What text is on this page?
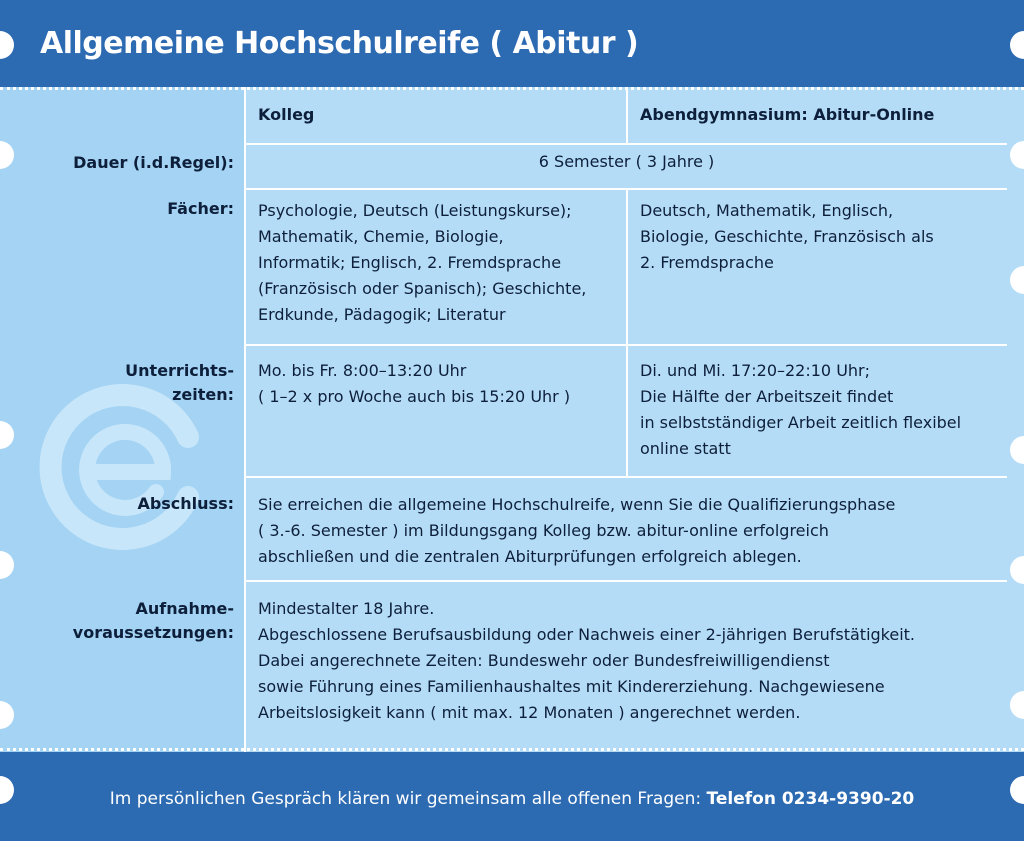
Allgemeine Hochschulreife ( Abitur )
Kolleg	Abendgymnasium: Abitur-Online
Dauer (i.d.Regel):	6 Semester ( 3 Jahre )
Fächer: Psychologie, Deutsch (Leistungskurse);
Mathematik, Chemie, Biologie,
Informatik; Englisch, 2. Fremdsprache
(Französisch oder Spanisch); Geschichte,
Erdkunde, Pädagogik; Literatur
Deutsch, Mathematik, Englisch,
Biologie, Geschichte, Französisch als
2. Fremdsprache
Unterrichts-
zeiten:
Mo. bis Fr. 8:00–13:20 Uhr
( 1–2 x pro Woche auch bis 15:20 Uhr )
Di. und Mi. 17:20–22:10 Uhr;
Die Hälfte der Arbeitszeit findet
in selbstständiger Arbeit zeitlich flexibel
online statt
Abschluss: Sie erreichen die allgemeine Hochschulreife, wenn Sie die Qualifizierungsphase
( 3.-6. Semester ) im Bildungsgang Kolleg bzw. abitur-online erfolgreich
abschließen und die zentralen Abiturprüfungen erfolgreich ablegen.
Aufnahme-
voraussetzungen:
Mindestalter 18 Jahre.
Abgeschlossene Berufsausbildung oder Nachweis einer 2-jährigen Berufstätigkeit.
Dabei angerechnete Zeiten: Bundeswehr oder Bundesfreiwilligendienst
sowie Führung eines Familienhaushaltes mit Kindererziehung. Nachgewiesene
Arbeitslosigkeit kann ( mit max. 12 Monaten ) angerechnet werden.
Im persönlichen Gespräch klären wir gemeinsam alle offenen Fragen: Telefon 0234-9390-20
